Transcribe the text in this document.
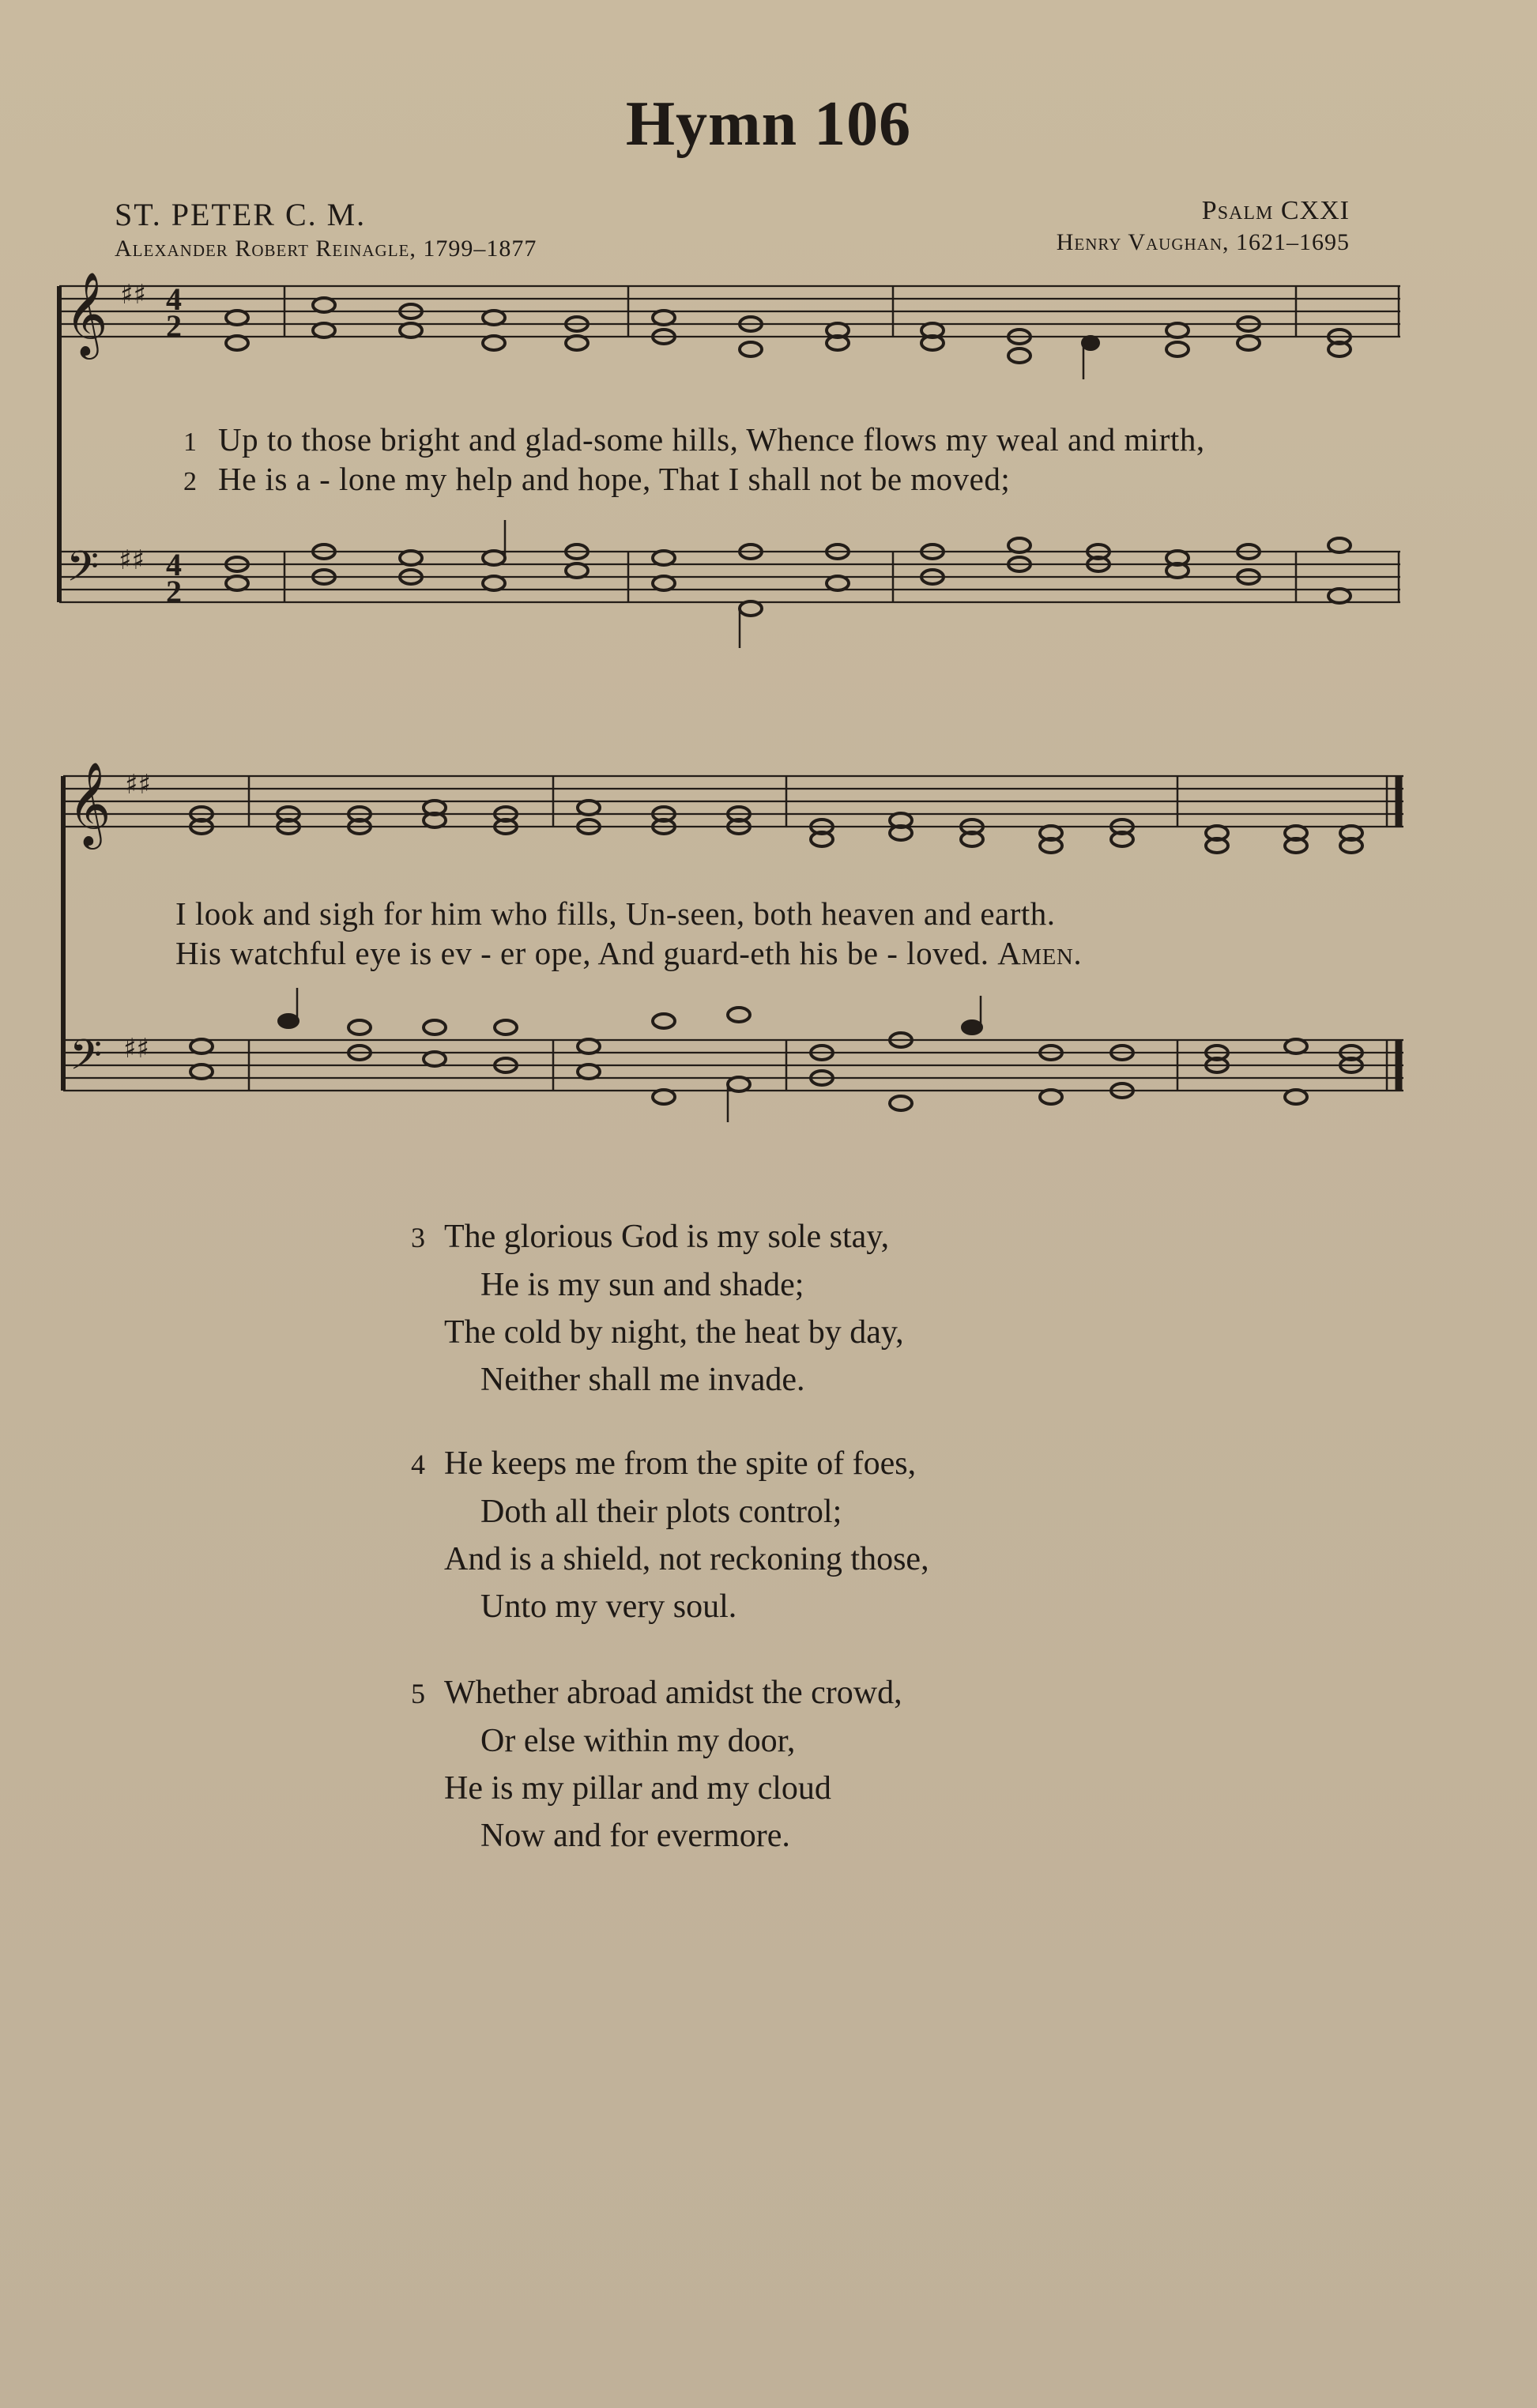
Hymn 106
ST. PETER C. M.
Alexander Robert Reinagle, 1799–1877
Psalm CXXI
Henry Vaughan, 1621–1695
𝄞
𝄢
♯♯
♯♯
4
2
4
2
1 Up to those bright and glad-some hills, Whence flows my weal and mirth,
2 He is a - lone my help and hope, That I shall not be moved;
𝄞
𝄢
♯♯
♯♯
I look and sigh for him who fills, Un-seen, both heaven and earth.
His watchful eye is ev - er ope, And guard-eth his be - loved. Amen.
3 The glorious God is my sole stay,
He is my sun and shade;
The cold by night, the heat by day,
Neither shall me invade.
4 He keeps me from the spite of foes,
Doth all their plots control;
And is a shield, not reckoning those,
Unto my very soul.
5 Whether abroad amidst the crowd,
Or else within my door,
He is my pillar and my cloud
Now and for evermore.
